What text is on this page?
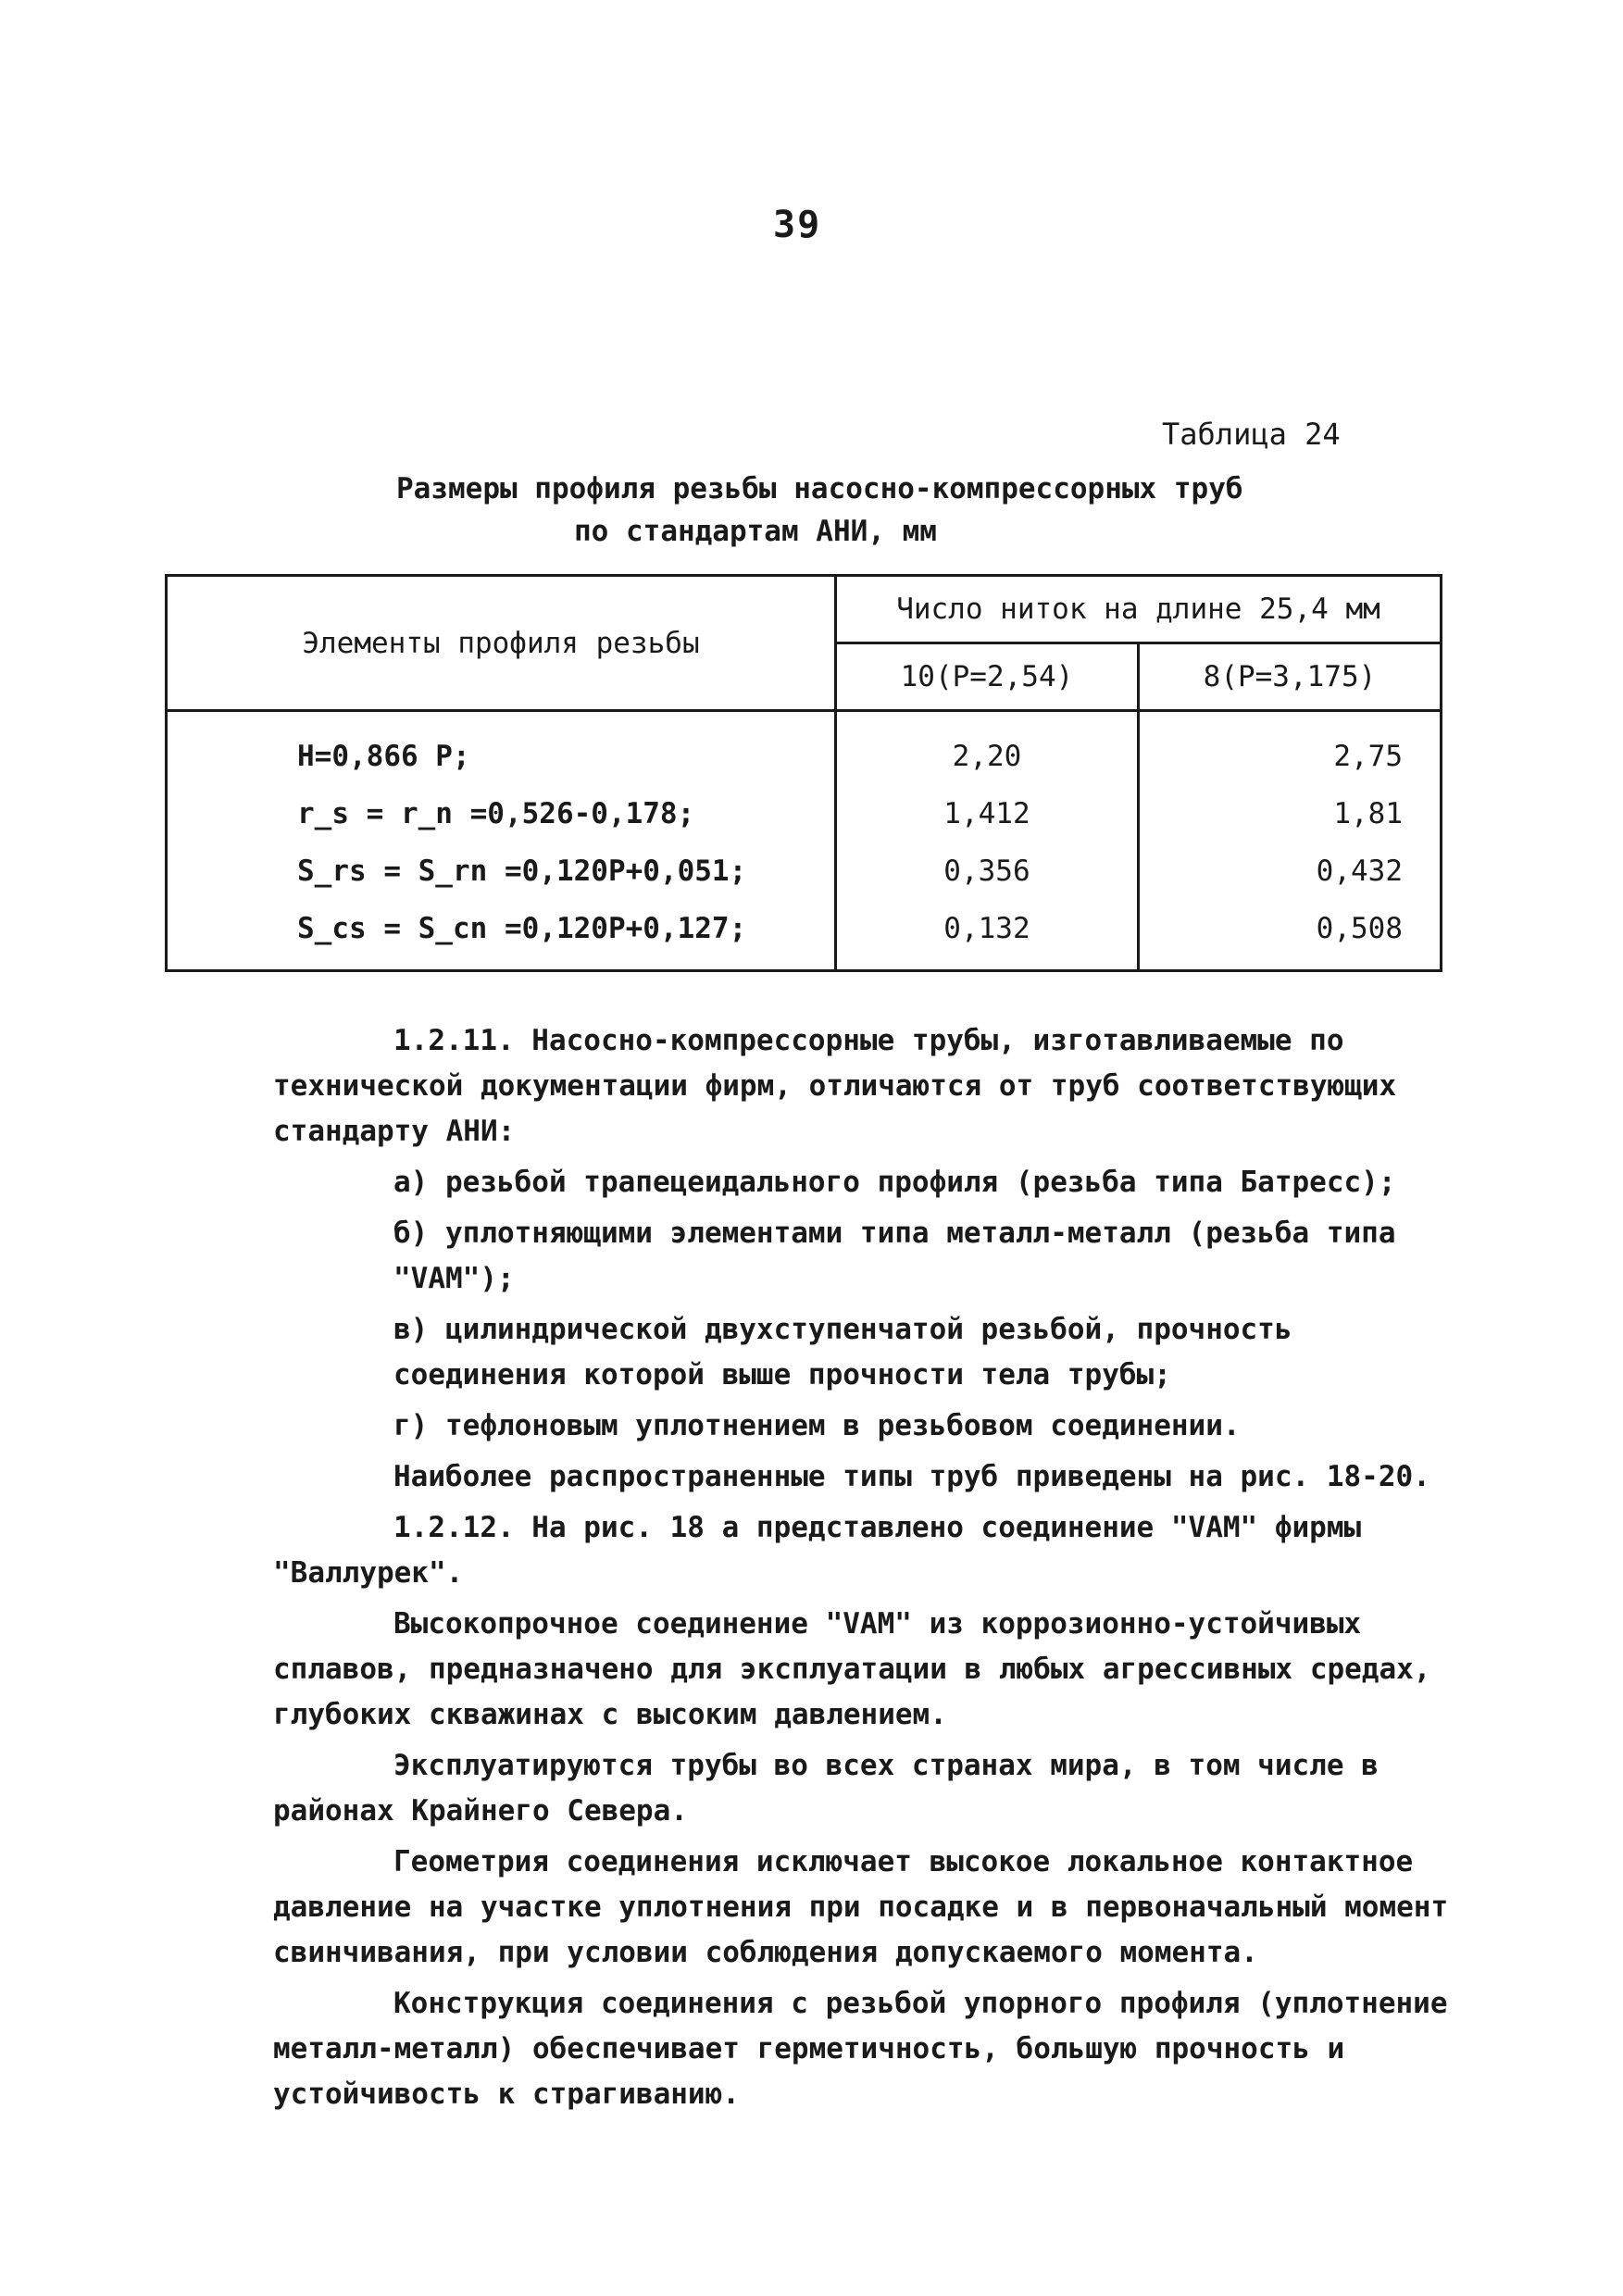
39
Таблица 24
Размеры профиля резьбы насосно-компрессорных труб
по стандартам АНИ, мм
Элементы профиля резьбы	Число ниток на длине 25,4 мм	
	10(P=2,54)	8(P=3,175)
H=0,866 P;	2,20	2,75
r_s = r_n =0,526-0,178;	1,412	1,81
S_rs = S_rn =0,120P+0,051;	0,356	0,432
S_cs = S_cn =0,120P+0,127;	0,132	0,508

1.2.11. Насосно-компрессорные трубы, изготавливаемые по технической документации фирм, отличаются от труб соответствующих стандарту АНИ:

а) резьбой трапецеидального профиля (резьба типа Батресс);

б) уплотняющими элементами типа металл-металл (резьба типа "VAM");

в) цилиндрической двухступенчатой резьбой, прочность соединения которой выше прочности тела трубы;

г) тефлоновым уплотнением в резьбовом соединении.

Наиболее распространенные типы труб приведены на рис. 18-20.

1.2.12. На рис. 18 а представлено соединение "VAM" фирмы "Валлурек".

Высокопрочное соединение "VAM" из коррозионно-устойчивых сплавов, предназначено для эксплуатации в любых агрессивных средах, глубоких скважинах с высоким давлением.

Эксплуатируются трубы во всех странах мира, в том числе в районах Крайнего Севера.

Геометрия соединения исключает высокое локальное контактное давление на участке уплотнения при посадке и в первоначальный момент свинчивания, при условии соблюдения допускаемого момента.

Конструкция соединения с резьбой упорного профиля (уплотнение металл-металл) обеспечивает герметичность, большую прочность и устойчивость к страгиванию.
